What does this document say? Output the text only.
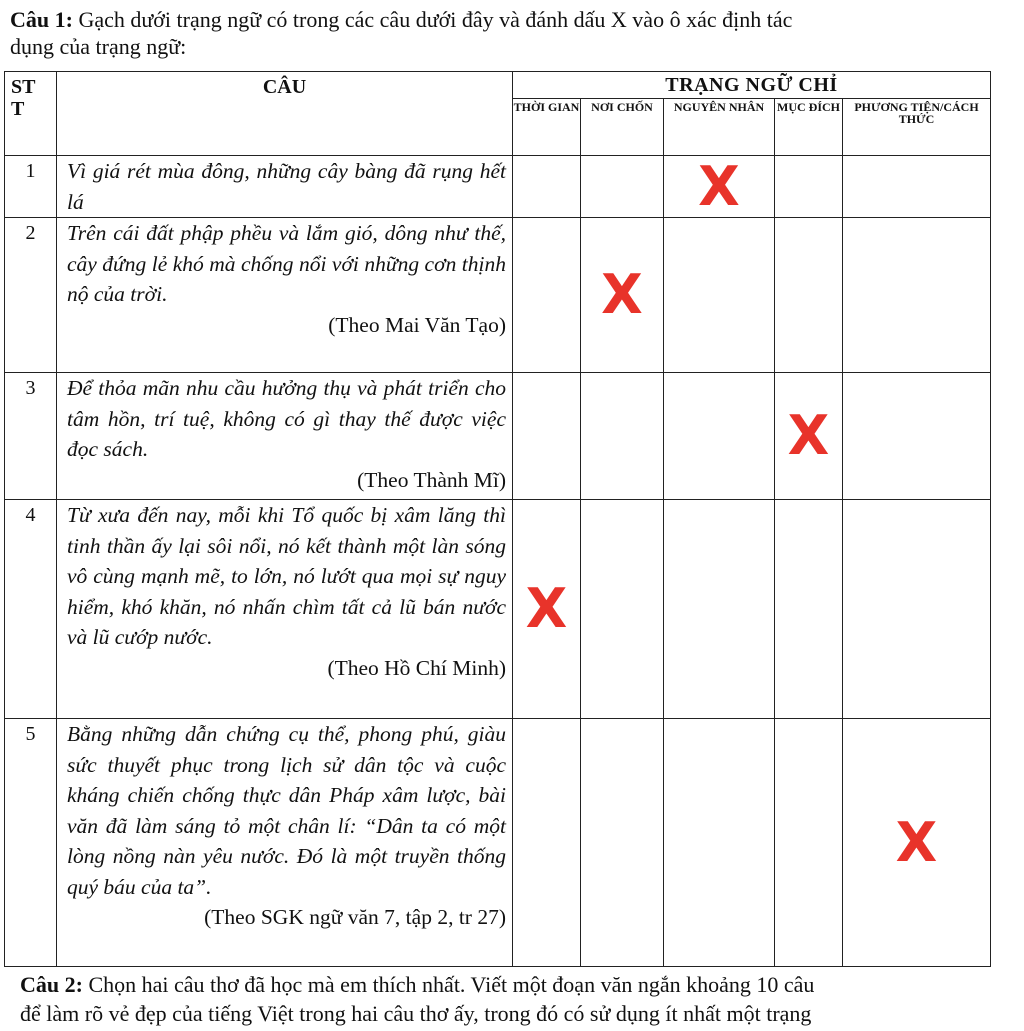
Câu 1: Gạch dưới trạng ngữ có trong các câu dưới đây và đánh dấu X vào ô xác định tác
dụng của trạng ngữ:
ST
T	CÂU	TRẠNG NGỮ CHỈ				
		THỜI GIAN	NƠI CHỐN	NGUYÊN NHÂN	MỤC ĐÍCH	PHƯƠNG TIỆN/CÁCH THỨC
1	Vì giá rét mùa đông, những cây bàng đã rụng hết lá			X		
2	Trên cái đất phập phều và lắm gió, dông như thế, cây đứng lẻ khó mà chống nổi với những cơn thịnh nộ của trời.
(Theo Mai Văn Tạo)		X			
3	Để thỏa mãn nhu cầu hưởng thụ và phát triển cho tâm hồn, trí tuệ, không có gì thay thế được việc đọc sách.
(Theo Thành Mĩ)				X	
4	Từ xưa đến nay, mỗi khi Tổ quốc bị xâm lăng thì tinh thần ấy lại sôi nổi, nó kết thành một làn sóng vô cùng mạnh mẽ, to lớn, nó lướt qua mọi sự nguy hiểm, khó khăn, nó nhấn chìm tất cả lũ bán nước và lũ cướp nước.
(Theo Hồ Chí Minh)	X				
5	Bằng những dẫn chứng cụ thể, phong phú, giàu sức thuyết phục trong lịch sử dân tộc và cuộc kháng chiến chống thực dân Pháp xâm lược, bài văn đã làm sáng tỏ một chân lí: “Dân ta có một lòng nồng nàn yêu nước. Đó là một truyền thống quý báu của ta”.
(Theo SGK ngữ văn 7, tập 2, tr 27)					X
Câu 2: Chọn hai câu thơ đã học mà em thích nhất. Viết một đoạn văn ngắn khoảng 10 câu
để làm rõ vẻ đẹp của tiếng Việt trong hai câu thơ ấy, trong đó có sử dụng ít nhất một trạng
